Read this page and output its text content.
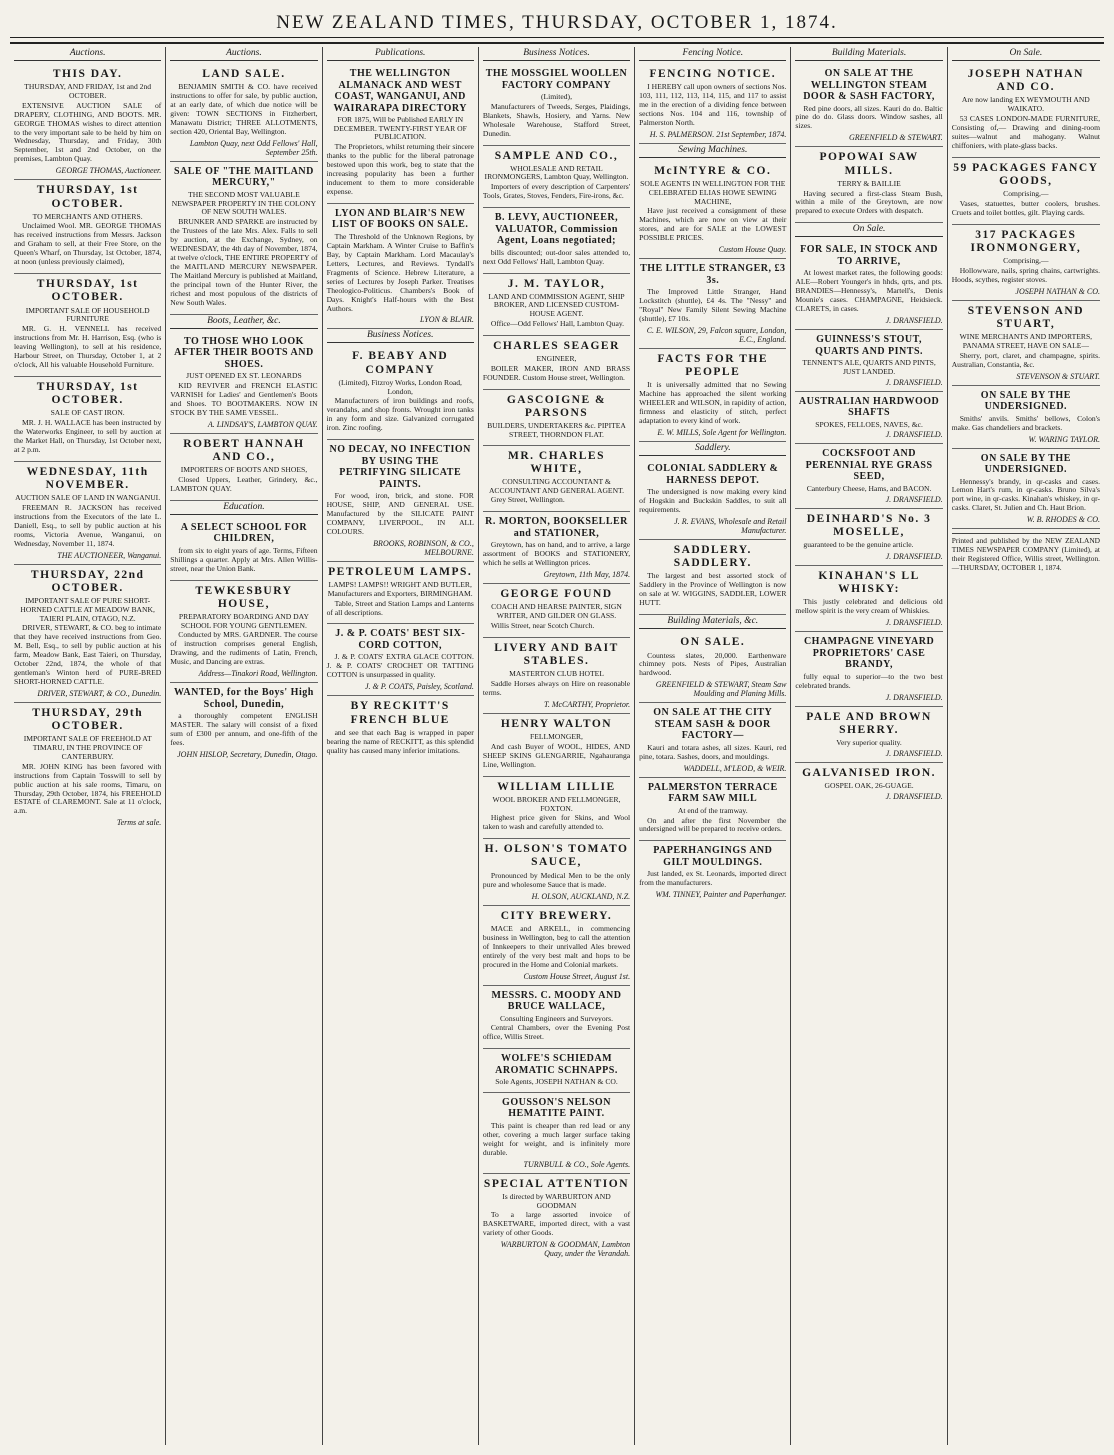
NEW ZEALAND TIMES, THURSDAY, OCTOBER 1, 1874.
Auctions.
THIS DAY.
THURSDAY, AND FRIDAY, 1st and 2nd OCTOBER.

EXTENSIVE AUCTION SALE of DRAPERY, CLOTHING, AND BOOTS. MR. GEORGE THOMAS wishes to direct attention to the very important sale to be held by him on Wednesday, Thursday, and Friday, 30th September, 1st and 2nd October, on the premises, Lambton Quay.

GEORGE THOMAS, Auctioneer.
THURSDAY, 1st OCTOBER.
TO MERCHANTS AND OTHERS.

Unclaimed Wool. MR. GEORGE THOMAS has received instructions from Messrs. Jackson and Graham to sell, at their Free Store, on the Queen's Wharf, on Thursday, 1st October, 1874, at noon (unless previously claimed),

THURSDAY, 1st OCTOBER.
IMPORTANT SALE OF HOUSEHOLD FURNITURE

MR. G. H. VENNELL has received instructions from Mr. H. Harrison, Esq. (who is leaving Wellington), to sell at his residence, Harbour Street, on Thursday, October 1, at 2 o'clock, All his valuable Household Furniture.

THURSDAY, 1st OCTOBER.
SALE OF CAST IRON.

MR. J. H. WALLACE has been instructed by the Waterworks Engineer, to sell by auction at the Market Hall, on Thursday, 1st October next, at 2 p.m.

WEDNESDAY, 11th NOVEMBER.
AUCTION SALE OF LAND IN WANGANUI.

FREEMAN R. JACKSON has received instructions from the Executors of the late L. Daniell, Esq., to sell by public auction at his rooms, Victoria Avenue, Wanganui, on Wednesday, November 11, 1874.

THE AUCTIONEER, Wanganui.
THURSDAY, 22nd OCTOBER.
IMPORTANT SALE OF PURE SHORT-HORNED CATTLE AT MEADOW BANK, TAIERI PLAIN, OTAGO, N.Z.

DRIVER, STEWART, & CO. beg to intimate that they have received instructions from Geo. M. Bell, Esq., to sell by public auction at his farm, Meadow Bank, East Taieri, on Thursday, October 22nd, 1874, the whole of that gentleman's Winton herd of PURE-BRED SHORT-HORNED CATTLE.

DRIVER, STEWART, & CO., Dunedin.
THURSDAY, 29th OCTOBER.
IMPORTANT SALE OF FREEHOLD AT TIMARU, IN THE PROVINCE OF CANTERBURY.

MR. JOHN KING has been favored with instructions from Captain Tosswill to sell by public auction at his sale rooms, Timaru, on Thursday, 29th October, 1874, his FREEHOLD ESTATE of CLAREMONT. Sale at 11 o'clock, a.m.

Terms at sale.
Auctions.
LAND SALE.

BENJAMIN SMITH & CO. have received instructions to offer for sale, by public auction, at an early date, of which due notice will be given: TOWN SECTIONS in Fitzherbert, Manawatu District; THREE ALLOTMENTS, section 420, Oriental Bay, Wellington.

Lambton Quay, next Odd Fellows' Hall, September 25th.
SALE OF "THE MAITLAND MERCURY,"
THE SECOND MOST VALUABLE NEWSPAPER PROPERTY IN THE COLONY OF NEW SOUTH WALES.

BRUNKER AND SPARKE are instructed by the Trustees of the late Mrs. Alex. Falls to sell by auction, at the Exchange, Sydney, on WEDNESDAY, the 4th day of November, 1874, at twelve o'clock, THE ENTIRE PROPERTY of the MAITLAND MERCURY NEWSPAPER. The Maitland Mercury is published at Maitland, the principal town of the Hunter River, the richest and most populous of the districts of New South Wales.

Boots, Leather, &c.
TO THOSE WHO LOOK AFTER THEIR BOOTS AND SHOES.
JUST OPENED EX ST. LEONARDS

KID REVIVER and FRENCH ELASTIC VARNISH for Ladies' and Gentlemen's Boots and Shoes. TO BOOTMAKERS. NOW IN STOCK BY THE SAME VESSEL.

A. LINDSAY'S, LAMBTON QUAY.
ROBERT HANNAH AND CO.,
IMPORTERS OF BOOTS AND SHOES,

Closed Uppers, Leather, Grindery, &c., LAMBTON QUAY.

Education.
A SELECT SCHOOL FOR CHILDREN,

from six to eight years of age. Terms, Fifteen Shillings a quarter. Apply at Mrs. Allen Willis-street, near the Union Bank.

TEWKESBURY HOUSE,
PREPARATORY BOARDING AND DAY SCHOOL FOR YOUNG GENTLEMEN.

Conducted by MRS. GARDNER. The course of instruction comprises general English, Drawing, and the rudiments of Latin, French, Music, and Dancing are extras.

Address—Tinakori Road, Wellington.
WANTED, for the Boys' High School, Dunedin,

a thoroughly competent ENGLISH MASTER. The salary will consist of a fixed sum of £300 per annum, and one-fifth of the fees.

JOHN HISLOP, Secretary, Dunedin, Otago.
Publications.
THE WELLINGTON ALMANACK AND WEST COAST, WANGANUI, AND WAIRARAPA DIRECTORY
FOR 1875, Will be Published EARLY IN DECEMBER. TWENTY-FIRST YEAR OF PUBLICATION.

The Proprietors, whilst returning their sincere thanks to the public for the liberal patronage bestowed upon this work, beg to state that the increasing popularity has been a further inducement to them to more considerable expense.

LYON AND BLAIR'S NEW LIST OF BOOKS ON SALE.

The Threshold of the Unknown Regions, by Captain Markham. A Winter Cruise to Baffin's Bay, by Captain Markham. Lord Macaulay's Letters, Lectures, and Reviews. Tyndall's Fragments of Science. Hebrew Literature, a series of Lectures by Joseph Parker. Treatises Theologico-Politicus. Chambers's Book of Days. Knight's Half-hours with the Best Authors.

LYON & BLAIR.
Business Notices.
F. BEABY AND COMPANY
(Limited), Fitzroy Works, London Road, London,

Manufacturers of iron buildings and roofs, verandahs, and shop fronts. Wrought iron tanks in any form and size. Galvanized corrugated iron. Zinc roofing.

NO DECAY, NO INFECTION BY USING THE PETRIFYING SILICATE PAINTS.

For wood, iron, brick, and stone. FOR HOUSE, SHIP, AND GENERAL USE. Manufactured by the SILICATE PAINT COMPANY, LIVERPOOL, IN ALL COLOURS.

BROOKS, ROBINSON, & CO., MELBOURNE.
PETROLEUM LAMPS.
LAMPS! LAMPS!! WRIGHT AND BUTLER, Manufacturers and Exporters, BIRMINGHAM.

Table, Street and Station Lamps and Lanterns of all descriptions.

J. & P. COATS' BEST SIX-CORD COTTON,

J. & P. COATS' EXTRA GLACE COTTON. J. & P. COATS' CROCHET OR TATTING COTTON is unsurpassed in quality.

J. & P. COATS, Paisley, Scotland.
BY RECKITT'S FRENCH BLUE

and see that each Bag is wrapped in paper bearing the name of RECKITT, as this splendid quality has caused many inferior imitations.

Business Notices.
THE MOSSGIEL WOOLLEN FACTORY COMPANY
(Limited),

Manufacturers of Tweeds, Serges, Plaidings, Blankets, Shawls, Hosiery, and Yarns. New Wholesale Warehouse, Stafford Street, Dunedin.

SAMPLE AND CO.,
WHOLESALE AND RETAIL IRONMONGERS, Lambton Quay, Wellington.

Importers of every description of Carpenters' Tools, Grates, Stoves, Fenders, Fire-irons, &c.

B. LEVY, AUCTIONEER, VALUATOR, Commission Agent, Loans negotiated;

bills discounted; out-door sales attended to, next Odd Fellows' Hall, Lambton Quay.

J. M. TAYLOR,
LAND AND COMMISSION AGENT, SHIP BROKER, AND LICENSED CUSTOM-HOUSE AGENT.

Office—Odd Fellows' Hall, Lambton Quay.

CHARLES SEAGER
ENGINEER,

BOILER MAKER, IRON AND BRASS FOUNDER. Custom House street, Wellington.

GASCOIGNE & PARSONS
BUILDERS, UNDERTAKERS &c. PIPITEA STREET, THORNDON FLAT.
MR. CHARLES WHITE,
CONSULTING ACCOUNTANT & ACCOUNTANT AND GENERAL AGENT.

Grey Street, Wellington.

R. MORTON, BOOKSELLER and STATIONER,

Greytown, has on hand, and to arrive, a large assortment of BOOKS and STATIONERY, which he sells at Wellington prices.

Greytown, 11th May, 1874.
GEORGE FOUND
COACH AND HEARSE PAINTER, SIGN WRITER, AND GILDER ON GLASS.

Willis Street, near Scotch Church.

LIVERY AND BAIT STABLES.
MASTERTON CLUB HOTEL

Saddle Horses always on Hire on reasonable terms.

T. McCARTHY, Proprietor.
HENRY WALTON
FELLMONGER,

And cash Buyer of WOOL, HIDES, AND SHEEP SKINS GLENGARRIE, Ngahauranga Line, Wellington.

WILLIAM LILLIE
WOOL BROKER AND FELLMONGER, FOXTON.

Highest price given for Skins, and Wool taken to wash and carefully attended to.

H. OLSON'S TOMATO SAUCE,

Pronounced by Medical Men to be the only pure and wholesome Sauce that is made.

H. OLSON, AUCKLAND, N.Z.
CITY BREWERY.

MACE and ARKELL, in commencing business in Wellington, beg to call the attention of Innkeepers to their unrivalled Ales brewed entirely of the very best malt and hops to be procured in the Home and Colonial markets.

Custom House Street, August 1st.
MESSRS. C. MOODY AND BRUCE WALLACE,
Consulting Engineers and Surveyors.

Central Chambers, over the Evening Post office, Willis Street.

WOLFE'S SCHIEDAM AROMATIC SCHNAPPS.
Sole Agents, JOSEPH NATHAN & CO.
GOUSSON'S NELSON HEMATITE PAINT.

This paint is cheaper than red lead or any other, covering a much larger surface taking weight for weight, and is infinitely more durable.

TURNBULL & CO., Sole Agents.
SPECIAL ATTENTION
Is directed by WARBURTON AND GOODMAN

To a large assorted invoice of BASKETWARE, imported direct, with a vast variety of other Goods.

WARBURTON & GOODMAN, Lambton Quay, under the Verandah.
Fencing Notice.
FENCING NOTICE.

I HEREBY call upon owners of sections Nos. 103, 111, 112, 113, 114, 115, and 117 to assist me in the erection of a dividing fence between sections Nos. 104 and 116, township of Palmerston North.

H. S. PALMERSON. 21st September, 1874.
Sewing Machines.
McINTYRE & CO.
SOLE AGENTS IN WELLINGTON FOR THE CELEBRATED ELIAS HOWE SEWING MACHINE,

Have just received a consignment of these Machines, which are now on view at their stores, and are for SALE at the LOWEST POSSIBLE PRICES.

Custom House Quay.
THE LITTLE STRANGER, £3 3s.

The Improved Little Stranger, Hand Lockstitch (shuttle), £4 4s. The "Nessy" and "Royal" New Family Silent Sewing Machine (shuttle), £7 10s.

C. E. WILSON, 29, Falcon square, London, E.C., England.
FACTS FOR THE PEOPLE

It is universally admitted that no Sewing Machine has approached the silent working WHEELER and WILSON, in rapidity of action, firmness and elasticity of stitch, perfect adaptation to every kind of work.

E. W. MILLS, Sole Agent for Wellington.
Saddlery.
COLONIAL SADDLERY & HARNESS DEPOT.

The undersigned is now making every kind of Hogskin and Buckskin Saddles, to suit all requirements.

J. R. EVANS, Wholesale and Retail Manufacturer.
SADDLERY. SADDLERY.

The largest and best assorted stock of Saddlery in the Province of Wellington is now on sale at W. WIGGINS, SADDLER, LOWER HUTT.

Building Materials, &c.
ON SALE.

Countess slates, 20,000. Earthenware chimney pots. Nests of Pipes, Australian hardwood.

GREENFIELD & STEWART, Steam Saw Moulding and Planing Mills.
ON SALE AT THE CITY STEAM SASH & DOOR FACTORY—

Kauri and totara ashes, all sizes. Kauri, red pine, totara. Sashes, doors, and mouldings.

WADDELL, M'LEOD, & WEIR.
PALMERSTON TERRACE FARM SAW MILL
At end of the tramway.

On and after the first November the undersigned will be prepared to receive orders.

PAPERHANGINGS AND GILT MOULDINGS.

Just landed, ex St. Leonards, imported direct from the manufacturers.

WM. TINNEY, Painter and Paperhanger.
Building Materials.
ON SALE AT THE WELLINGTON STEAM DOOR & SASH FACTORY,

Red pine doors, all sizes. Kauri do do. Baltic pine do do. Glass doors. Window sashes, all sizes.

GREENFIELD & STEWART.
POPOWAI SAW MILLS.
TERRY & BAILLIE

Having secured a first-class Steam Bush, within a mile of the Greytown, are now prepared to execute Orders with despatch.

On Sale.
FOR SALE, IN STOCK AND TO ARRIVE,

At lowest market rates, the following goods: ALE—Robert Younger's in hhds, qrts, and pts. BRANDIES—Hennessy's, Martell's, Denis Mounie's cases. CHAMPAGNE, Heidsieck. CLARETS, in cases.

J. DRANSFIELD.
GUINNESS'S STOUT, QUARTS AND PINTS.
TENNENT'S ALE, QUARTS AND PINTS, JUST LANDED.
J. DRANSFIELD.
AUSTRALIAN HARDWOOD SHAFTS
SPOKES, FELLOES, NAVES, &c.
J. DRANSFIELD.
COCKSFOOT AND PERENNIAL RYE GRASS SEED,
Canterbury Cheese, Hams, and BACON.
J. DRANSFIELD.
DEINHARD'S No. 3 MOSELLE,

guaranteed to be the genuine article.

J. DRANSFIELD.
KINAHAN'S LL WHISKY:

This justly celebrated and delicious old mellow spirit is the very cream of Whiskies.

J. DRANSFIELD.
CHAMPAGNE VINEYARD PROPRIETORS' CASE BRANDY,

fully equal to superior—to the two best celebrated brands.

J. DRANSFIELD.
PALE AND BROWN SHERRY.
Very superior quality.
J. DRANSFIELD.
GALVANISED IRON.
GOSPEL OAK, 26-GUAGE.
J. DRANSFIELD.
On Sale.
JOSEPH NATHAN AND CO.
Are now landing EX WEYMOUTH AND WAIKATO.

53 CASES LONDON-MADE FURNITURE, Consisting of,— Drawing and dining-room suites—walnut and mahogany. Walnut chiffoniers, with plate-glass backs.

59 PACKAGES FANCY GOODS,
Comprising,—

Vases, statuettes, butter coolers, brushes. Cruets and toilet bottles, gilt. Playing cards.

317 PACKAGES IRONMONGERY,
Comprising,—

Hollowware, nails, spring chains, cartwrights. Hoods, scythes, register stoves.

JOSEPH NATHAN & CO.
STEVENSON AND STUART,
WINE MERCHANTS AND IMPORTERS, PANAMA STREET, HAVE ON SALE—

Sherry, port, claret, and champagne, spirits. Australian, Constantia, &c.

STEVENSON & STUART.
ON SALE BY THE UNDERSIGNED.

Smiths' anvils. Smiths' bellows, Colon's make. Gas chandeliers and brackets.

W. WARING TAYLOR.
ON SALE BY THE UNDERSIGNED.

Hennessy's brandy, in qr-casks and cases. Lemon Hart's rum, in qr-casks. Bruno Silva's port wine, in qr-casks. Kinahan's whiskey, in qr-casks. Claret, St. Julien and Ch. Haut Brion.

W. B. RHODES & CO.
Printed and published by the NEW ZEALAND TIMES NEWSPAPER COMPANY (Limited), at their Registered Office, Willis street, Wellington.—THURSDAY, OCTOBER 1, 1874.
